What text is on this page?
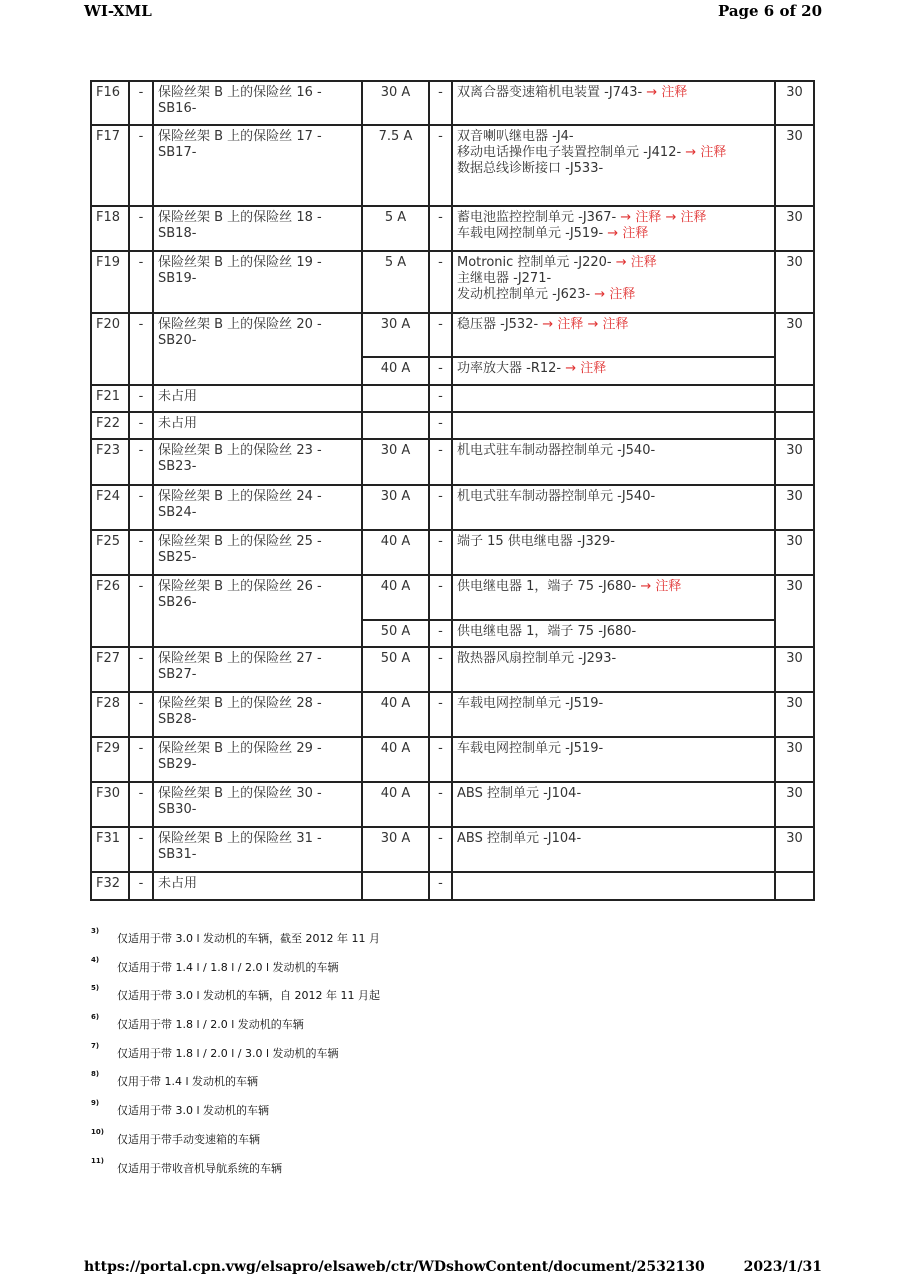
WI-XML	Page 6 of 20
F16	-	保险丝架 B 上的保险丝 16 -SB16-	30 A	-	双离合器变速箱机电装置 -J743- → 注释	30
F17	-	保险丝架 B 上的保险丝 17 -SB17-	7.5 A	-	双音喇叭继电器 -J4-
移动电话操作电子装置控制单元 -J412- → 注释
数据总线诊断接口 -J533-	30
F18	-	保险丝架 B 上的保险丝 18 -SB18-	5 A	-	蓄电池监控控制单元 -J367- → 注释 → 注释
车载电网控制单元 -J519- → 注释	30
F19	-	保险丝架 B 上的保险丝 19 -SB19-	5 A	-	Motronic 控制单元 -J220- → 注释
主继电器 -J271-
发动机控制单元 -J623- → 注释	30
F20	-	保险丝架 B 上的保险丝 20 -SB20-	30 A	-	稳压器 -J532- → 注释 → 注释	30
			40 A	-	功率放大器 -R12- → 注释	
F21	-	未占用		-		
F22	-	未占用		-		
F23	-	保险丝架 B 上的保险丝 23 -SB23-	30 A	-	机电式驻车制动器控制单元 -J540-	30
F24	-	保险丝架 B 上的保险丝 24 -SB24-	30 A	-	机电式驻车制动器控制单元 -J540-	30
F25	-	保险丝架 B 上的保险丝 25 -SB25-	40 A	-	端子 15 供电继电器 -J329-	30
F26	-	保险丝架 B 上的保险丝 26 -SB26-	40 A	-	供电继电器 1，端子 75 -J680- → 注释	30
			50 A	-	供电继电器 1，端子 75 -J680-	
F27	-	保险丝架 B 上的保险丝 27 -SB27-	50 A	-	散热器风扇控制单元 -J293-	30
F28	-	保险丝架 B 上的保险丝 28 -SB28-	40 A	-	车载电网控制单元 -J519-	30
F29	-	保险丝架 B 上的保险丝 29 -SB29-	40 A	-	车载电网控制单元 -J519-	30
F30	-	保险丝架 B 上的保险丝 30 -SB30-	40 A	-	ABS 控制单元 -J104-	30
F31	-	保险丝架 B 上的保险丝 31 -SB31-	30 A	-	ABS 控制单元 -J104-	30
F32	-	未占用		-		
3)
仅适用于带 3.0 l 发动机的车辆，截至 2012 年 11 月
4)
仅适用于带 1.4 l / 1.8 l / 2.0 l 发动机的车辆
5)
仅适用于带 3.0 l 发动机的车辆，自 2012 年 11 月起
6)
仅适用于带 1.8 l / 2.0 l 发动机的车辆
7)
仅适用于带 1.8 l / 2.0 l / 3.0 l 发动机的车辆
8)
仅用于带 1.4 l 发动机的车辆
9)
仅适用于带 3.0 l 发动机的车辆
10)
仅适用于带手动变速箱的车辆
11)
仅适用于带收音机导航系统的车辆
https://portal.cpn.vwg/elsapro/elsaweb/ctr/WDshowContent/document/2532130	2023/1/31
